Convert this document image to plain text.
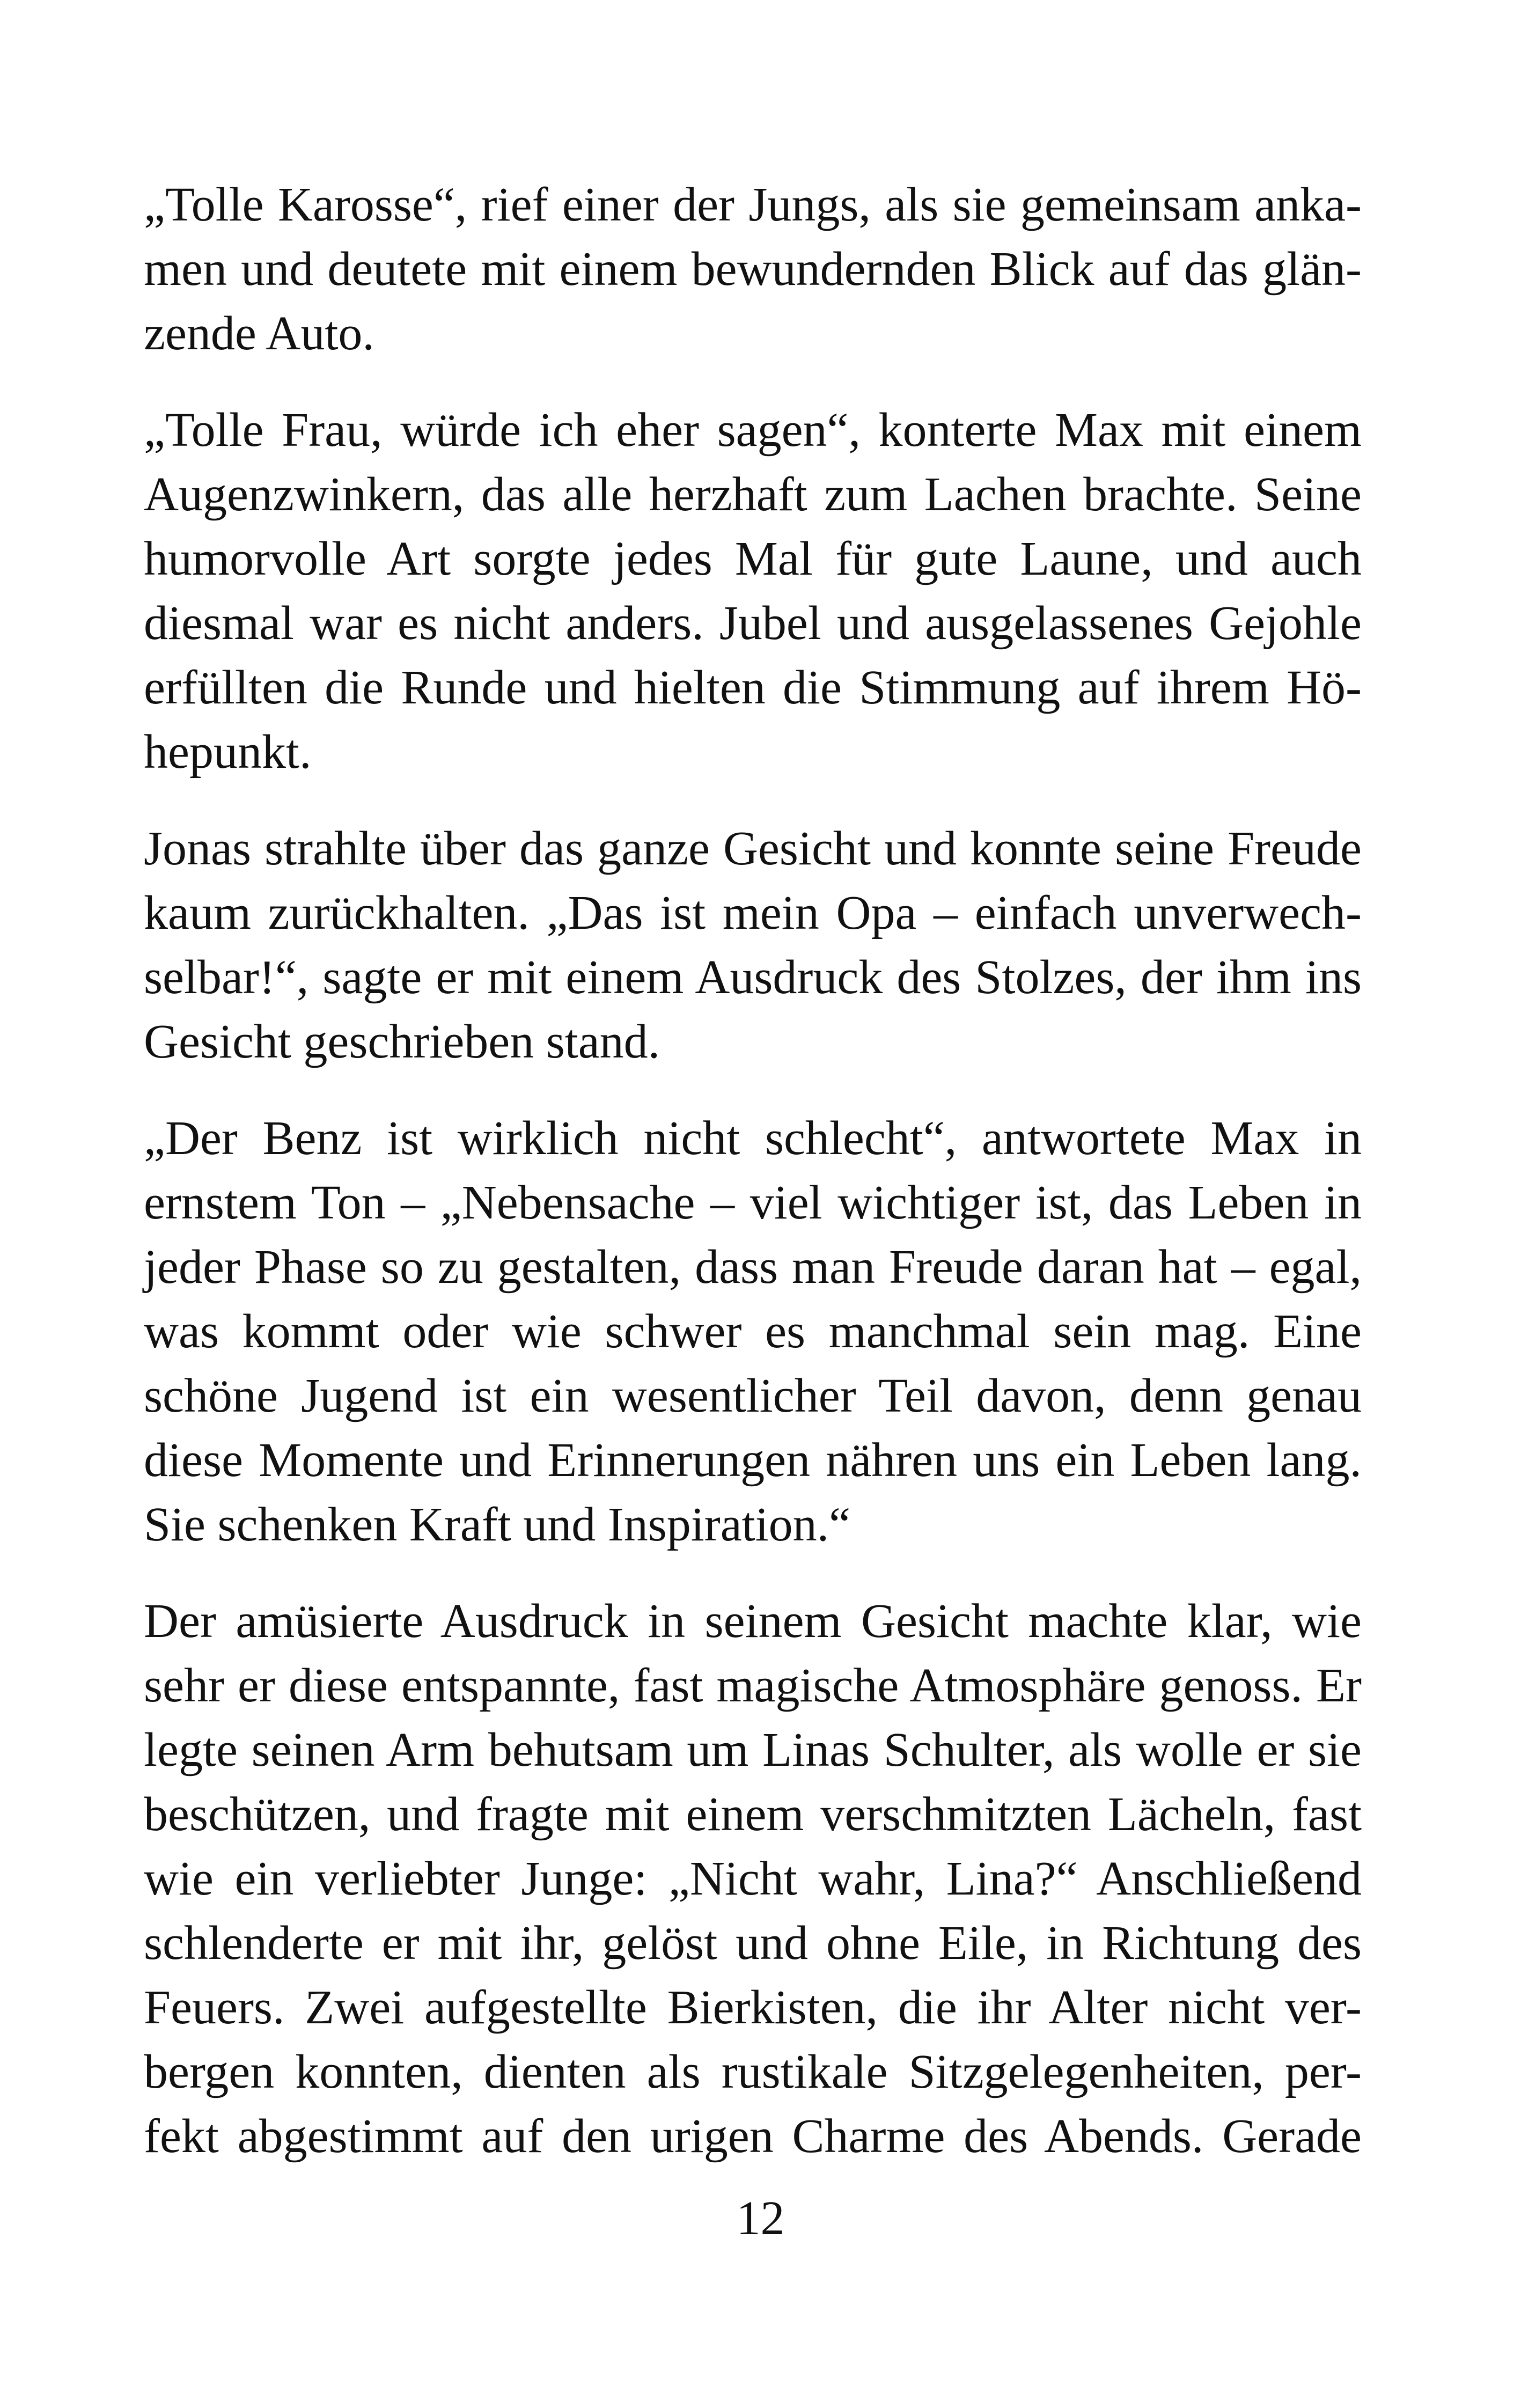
„Tolle Karosse“, rief einer der Jungs, als sie gemeinsam anka-
men und deutete mit einem bewundernden Blick auf das glän-
zende Auto.
„Tolle Frau, würde ich eher sagen“, konterte Max mit einem
Augenzwinkern, das alle herzhaft zum Lachen brachte. Seine
humorvolle Art sorgte jedes Mal für gute Laune, und auch
diesmal war es nicht anders. Jubel und ausgelassenes Gejohle
erfüllten die Runde und hielten die Stimmung auf ihrem Hö-
hepunkt.
Jonas strahlte über das ganze Gesicht und konnte seine Freude
kaum zurückhalten. „Das ist mein Opa – einfach unverwech-
selbar!“, sagte er mit einem Ausdruck des Stolzes, der ihm ins
Gesicht geschrieben stand.
„Der Benz ist wirklich nicht schlecht“, antwortete Max in
ernstem Ton – „Nebensache – viel wichtiger ist, das Leben in
jeder Phase so zu gestalten, dass man Freude daran hat – egal,
was kommt oder wie schwer es manchmal sein mag. Eine
schöne Jugend ist ein wesentlicher Teil davon, denn genau
diese Momente und Erinnerungen nähren uns ein Leben lang.
Sie schenken Kraft und Inspiration.“
Der amüsierte Ausdruck in seinem Gesicht machte klar, wie
sehr er diese entspannte, fast magische Atmosphäre genoss. Er
legte seinen Arm behutsam um Linas Schulter, als wolle er sie
beschützen, und fragte mit einem verschmitzten Lächeln, fast
wie ein verliebter Junge: „Nicht wahr, Lina?“ Anschließend
schlenderte er mit ihr, gelöst und ohne Eile, in Richtung des
Feuers. Zwei aufgestellte Bierkisten, die ihr Alter nicht ver-
bergen konnten, dienten als rustikale Sitzgelegenheiten, per-
fekt abgestimmt auf den urigen Charme des Abends. Gerade
12
